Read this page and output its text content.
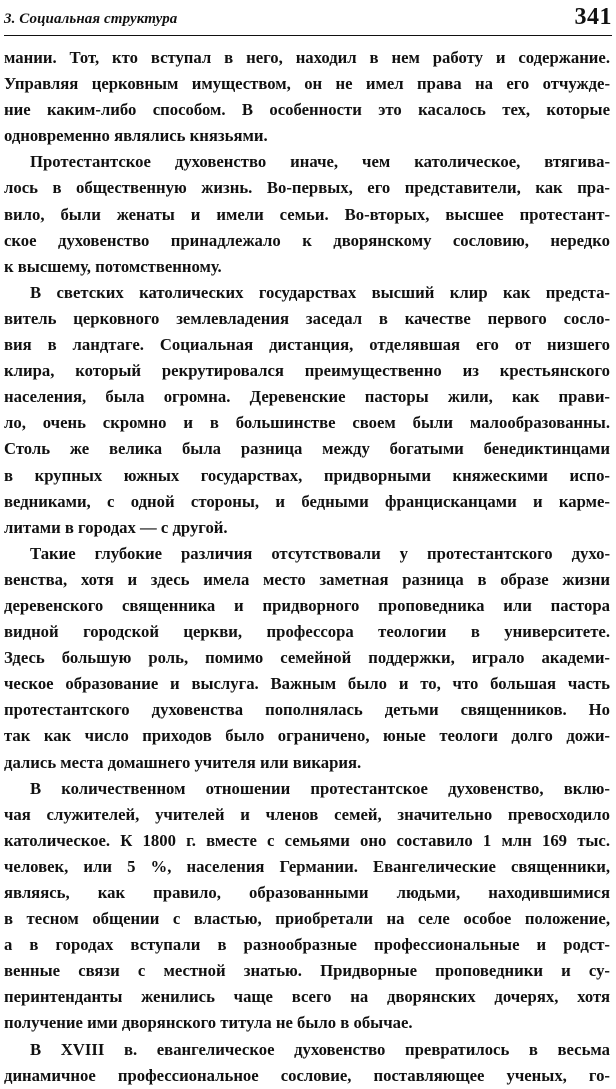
3. Социальная структура	341
мании. Тот, кто вступал в него, находил в нем работу и содержание.
Управляя церковным имуществом, он не имел права на его отчужде-
ние каким-либо способом. В особенности это касалось тех, которые
одновременно являлись князьями.
Протестантское духовенство иначе, чем католическое, втягива-
лось в общественную жизнь. Во-первых, его представители, как пра-
вило, были женаты и имели семьи. Во-вторых, высшее протестант-
ское духовенство принадлежало к дворянскому сословию, нередко
к высшему, потомственному.
В светских католических государствах высший клир как предста-
витель церковного землевладения заседал в качестве первого сосло-
вия в ландтаге. Социальная дистанция, отделявшая его от низшего
клира, который рекрутировался преимущественно из крестьянского
населения, была огромна. Деревенские пасторы жили, как прави-
ло, очень скромно и в большинстве своем были малообразованны.
Столь же велика была разница между богатыми бенедиктинцами
в крупных южных государствах, придворными княжескими испо-
ведниками, с одной стороны, и бедными францисканцами и карме-
литами в городах — с другой.
Такие глубокие различия отсутствовали у протестантского духо-
венства, хотя и здесь имела место заметная разница в образе жизни
деревенского священника и придворного проповедника или пастора
видной городской церкви, профессора теологии в университете.
Здесь большую роль, помимо семейной поддержки, играло академи-
ческое образование и выслуга. Важным было и то, что большая часть
протестантского духовенства пополнялась детьми священников. Но
так как число приходов было ограничено, юные теологи долго дожи-
дались места домашнего учителя или викария.
В количественном отношении протестантское духовенство, вклю-
чая служителей, учителей и членов семей, значительно превосходило
католическое. К 1800 г. вместе с семьями оно составило 1 млн 169 тыс.
человек, или 5 %, населения Германии. Евангелические священники,
являясь, как правило, образованными людьми, находившимися
в тесном общении с властью, приобретали на селе особое положение,
а в городах вступали в разнообразные профессиональные и родст-
венные связи с местной знатью. Придворные проповедники и су-
перинтенданты женились чаще всего на дворянских дочерях, хотя
получение ими дворянского титула не было в обычае.
В XVIII в. евангелическое духовенство превратилось в весьма
динамичное профессиональное сословие, поставляющее ученых, го-
